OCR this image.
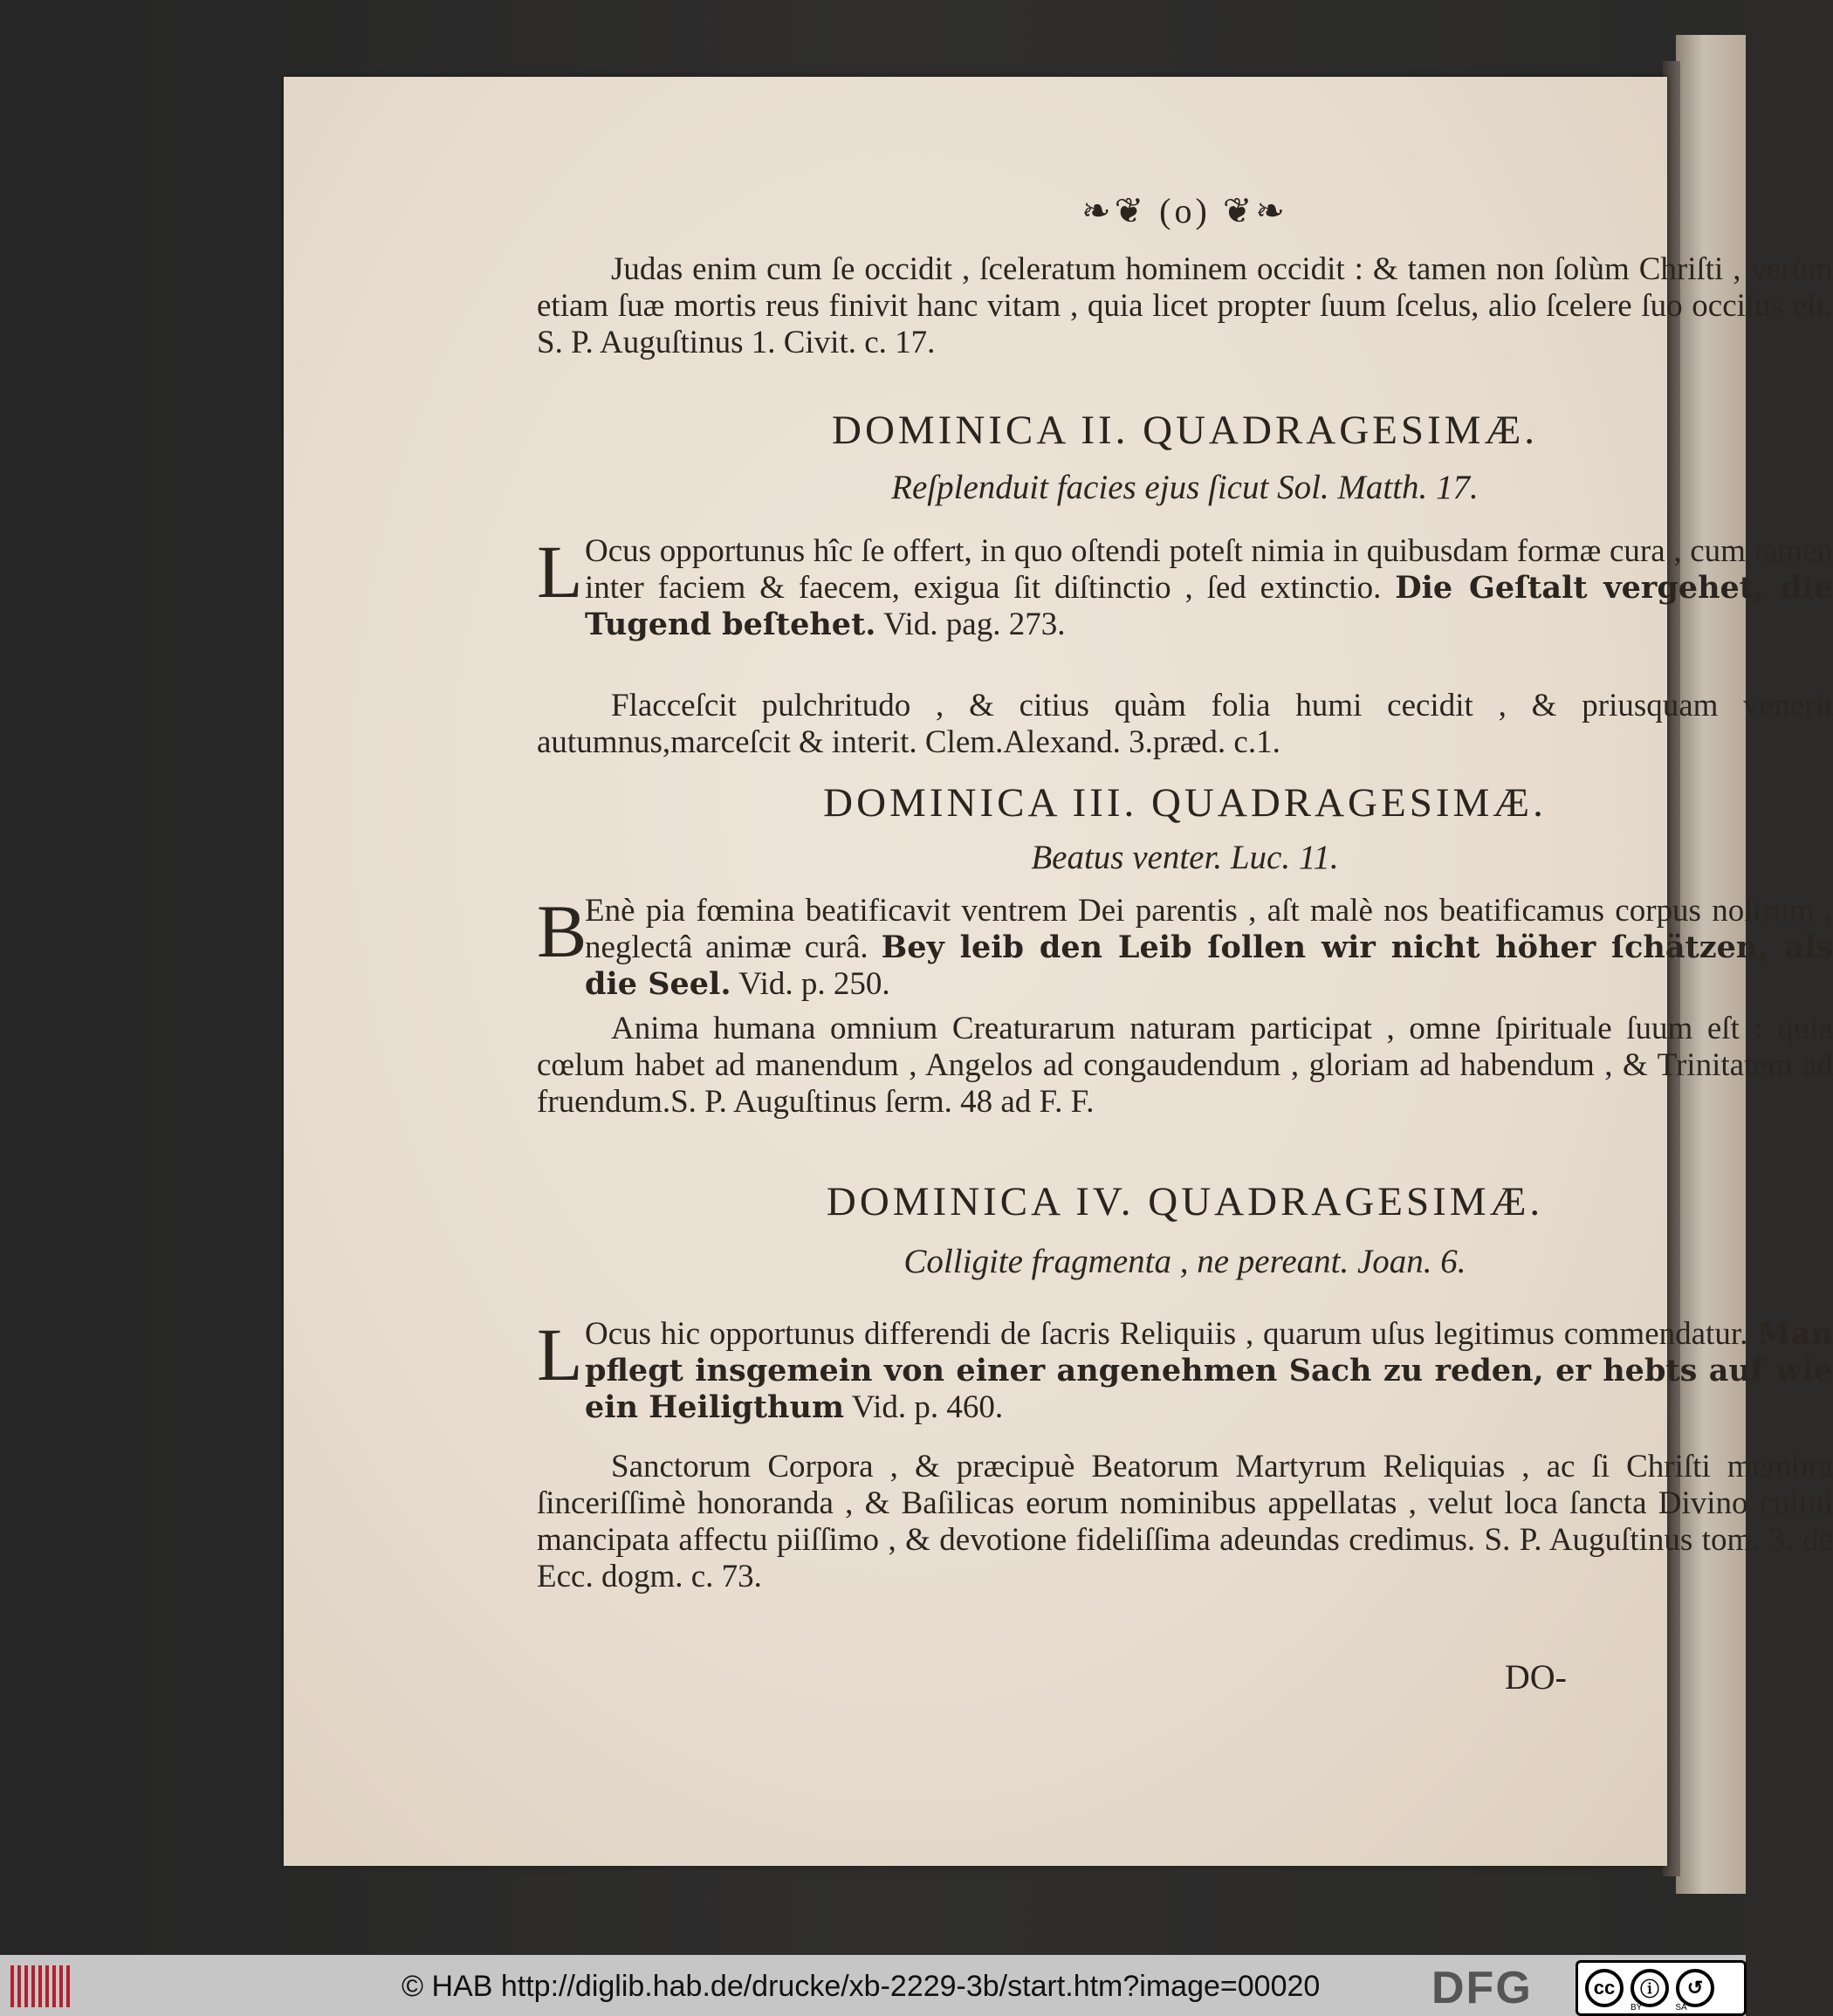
❧❦ (o) ❦❧

Judas enim cum ſe occidit , ſceleratum hominem occidit : & tamen non ſolùm Chriſti , verùm etiam ſuæ mortis reus finivit hanc vitam , quia licet propter ſuum ſcelus, alio ſcelere ſuo occiſus eſt. S. P. Auguſtinus 1. Civit. c. 17.

DOMINICA II. QUADRAGESIMÆ.
Reſplenduit facies ejus ſicut Sol. Matth. 17.

L Ocus opportunus hîc ſe offert, in quo oſtendi poteſt nimia in quibusdam formæ cura , cum tamen inter faciem & faecem, exigua ſit diſtinctio , ſed extinctio. Die Geſtalt vergehet, die Tugend beſtehet. Vid. pag. 273.

Flacceſcit pulchritudo , & citius quàm folia humi cecidit , & priusquam venerit autumnus,marceſcit & interit. Clem.Alexand. 3.præd. c.1.

DOMINICA III. QUADRAGESIMÆ.
Beatus venter. Luc. 11.

B
Enè pia fœmina beatificavit ventrem Dei parentis , aſt malè nos beatificamus corpus noſtrum , neglectâ animæ curâ. Bey leib den Leib ſollen wir nicht höher ſchätzen, als die Seel. Vid. p. 250.

Anima humana omnium Creaturarum naturam participat , omne ſpirituale ſuum eſt : quia cœlum habet ad manendum , Angelos ad congaudendum , gloriam ad habendum , & Trinitatem ad fruendum.S. P. Auguſtinus ſerm. 48 ad F. F.

DOMINICA IV. QUADRAGESIMÆ.
Colligite fragmenta , ne pereant. Joan. 6.

L Ocus hic opportunus differendi de ſacris Reliquiis , quarum uſus legitimus commendatur. Man pflegt insgemein von einer angenehmen Sach zu reden, er hebts auf wie ein Heiligthum Vid. p. 460.

Sanctorum Corpora , & præcipuè Beatorum Martyrum Reliquias , ac ſi Chriſti membra ſinceriſſimè honoranda , & Baſilicas eorum nominibus appellatas , velut loca ſancta Divino cultui mancipata affectu piiſſimo , & devotione fideliſſima adeundas credimus. S. P. Auguſtinus tom. 3. de Ecc. dogm. c. 73.

DO-
© HAB http://diglib.hab.de/drucke/xb-2229-3b/start.htm?image=00020 DFG	cc	ⓘ	↺
BY	SA
